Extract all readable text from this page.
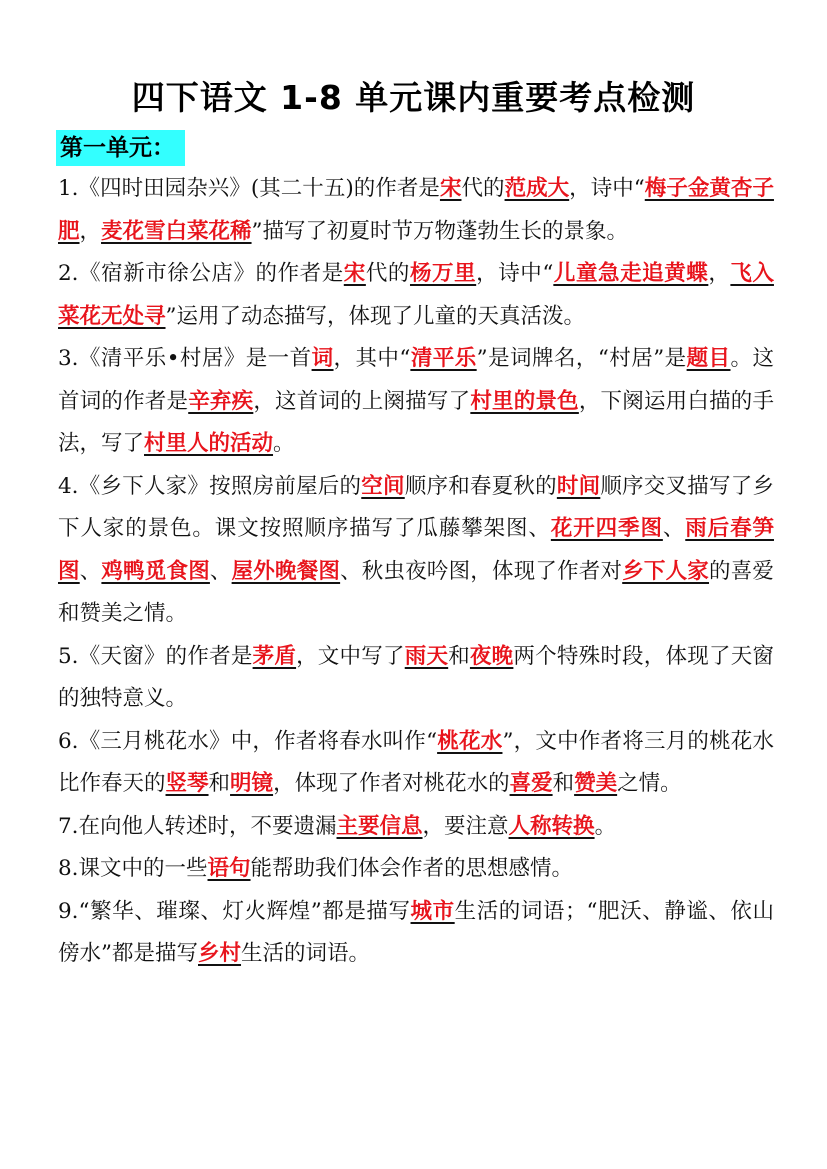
四下语文 1-8 单元课内重要考点检测
第一单元：

1.《四时田园杂兴》(其二十五)的作者是宋代的范成大，诗中“梅子金黄杏子肥，麦花雪白菜花稀”描写了初夏时节万物蓬勃生长的景象。

2.《宿新市徐公店》的作者是宋代的杨万里，诗中“儿童急走追黄蝶，飞入菜花无处寻”运用了动态描写，体现了儿童的天真活泼。

3.《清平乐•村居》是一首词，其中“清平乐”是词牌名，“村居”是题目。这首词的作者是辛弃疾，这首词的上阕描写了村里的景色，下阕运用白描的手法，写了村里人的活动。

4.《乡下人家》按照房前屋后的空间顺序和春夏秋的时间顺序交叉描写了乡下人家的景色。课文按照顺序描写了瓜藤攀架图、花开四季图、雨后春笋图、鸡鸭觅食图、屋外晚餐图、秋虫夜吟图，体现了作者对乡下人家的喜爱和赞美之情。

5.《天窗》的作者是茅盾，文中写了雨天和夜晚两个特殊时段，体现了天窗的独特意义。

6.《三月桃花水》中，作者将春水叫作“桃花水”，文中作者将三月的桃花水比作春天的竖琴和明镜，体现了作者对桃花水的喜爱和赞美之情。

7.在向他人转述时，不要遗漏主要信息，要注意人称转换。

8.课文中的一些语句能帮助我们体会作者的思想感情。

9.“繁华、璀璨、灯火辉煌”都是描写城市生活的词语；“肥沃、静谧、依山傍水”都是描写乡村生活的词语。
